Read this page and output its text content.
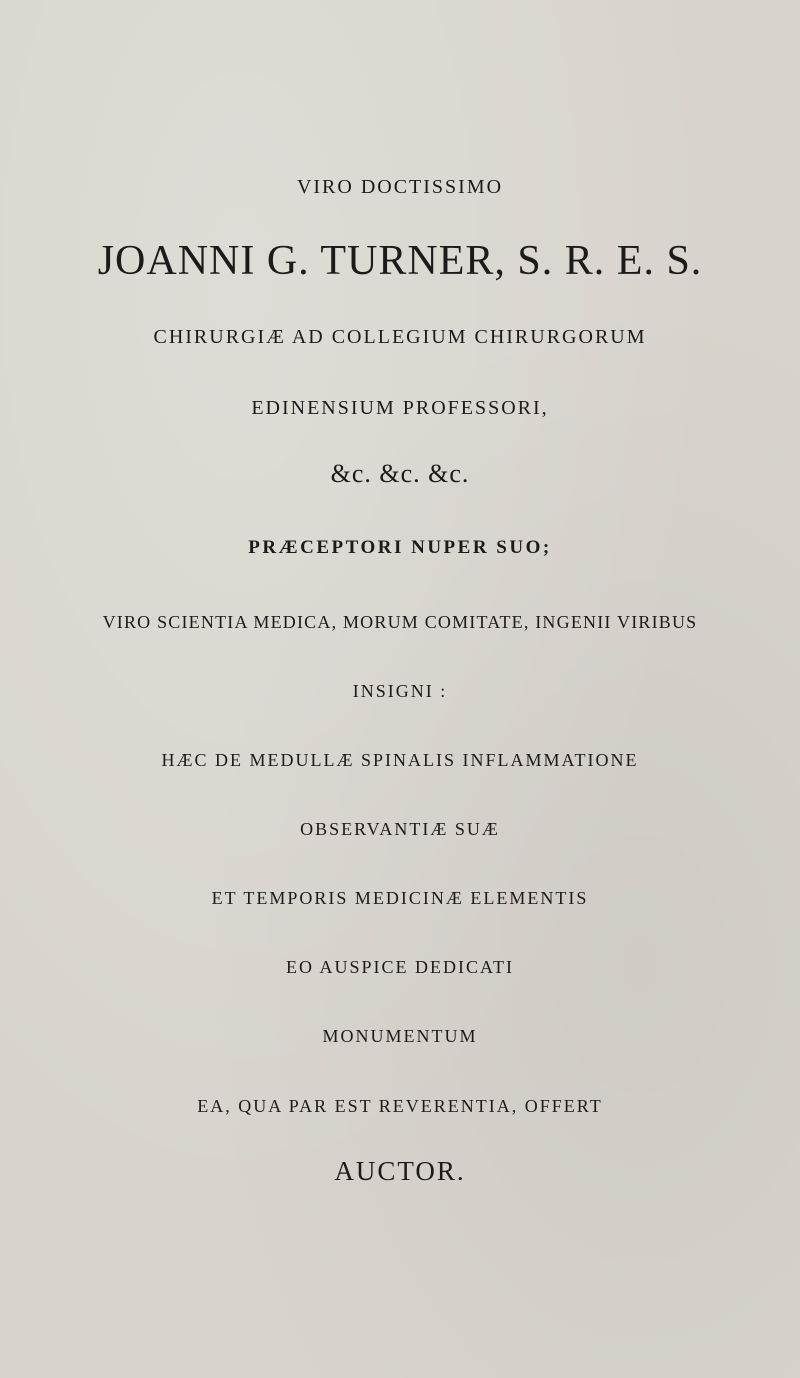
VIRO DOCTISSIMO
JOANNI G. TURNER, S. R. E. S.
CHIRURGIÆ AD COLLEGIUM CHIRURGORUM
EDINENSIUM PROFESSORI,
&c. &c. &c.
PRÆCEPTORI NUPER SUO;
VIRO SCIENTIA MEDICA, MORUM COMITATE, INGENII VIRIBUS
INSIGNI :
HÆC DE MEDULLÆ SPINALIS INFLAMMATIONE
OBSERVANTIÆ SUÆ
ET TEMPORIS MEDICINÆ ELEMENTIS
EO AUSPICE DEDICATI
MONUMENTUM
EA, QUA PAR EST REVERENTIA, OFFERT
AUCTOR.
